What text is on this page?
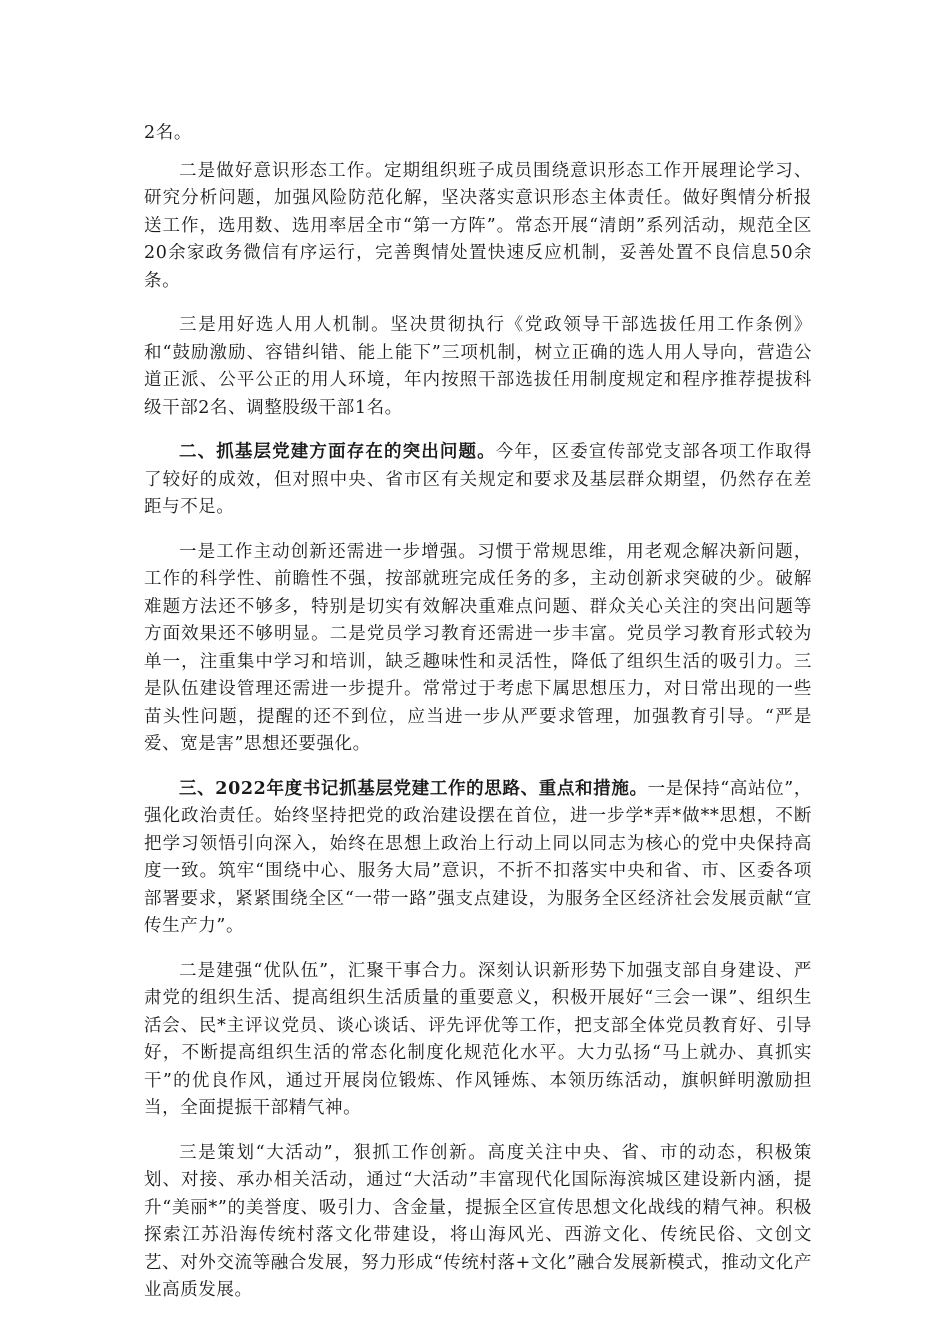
2名。

二是做好意识形态工作。定期组织班子成员围绕意识形态工作开展理论学习、研究分析问题，加强风险防范化解，坚决落实意识形态主体责任。做好舆情分析报送工作，选用数、选用率居全市“第一方阵”。常态开展“清朗”系列活动，规范全区20余家政务微信有序运行，完善舆情处置快速反应机制，妥善处置不良信息50余条。

三是用好选人用人机制。坚决贯彻执行《党政领导干部选拔任用工作条例》和“鼓励激励、容错纠错、能上能下”三项机制，树立正确的选人用人导向，营造公道正派、公平公正的用人环境，年内按照干部选拔任用制度规定和程序推荐提拔科级干部2名、调整股级干部1名。

二、抓基层党建方面存在的突出问题。今年，区委宣传部党支部各项工作取得了较好的成效，但对照中央、省市区有关规定和要求及基层群众期望，仍然存在差距与不足。

一是工作主动创新还需进一步增强。习惯于常规思维，用老观念解决新问题，工作的科学性、前瞻性不强，按部就班完成任务的多，主动创新求突破的少。破解难题方法还不够多，特别是切实有效解决重难点问题、群众关心关注的突出问题等方面效果还不够明显。二是党员学习教育还需进一步丰富。党员学习教育形式较为单一，注重集中学习和培训，缺乏趣味性和灵活性，降低了组织生活的吸引力。三是队伍建设管理还需进一步提升。常常过于考虑下属思想压力，对日常出现的一些苗头性问题，提醒的还不到位，应当进一步从严要求管理，加强教育引导。“严是爱、宽是害”思想还要强化。

三、2022年度书记抓基层党建工作的思路、重点和措施。一是保持“高站位”，强化政治责任。始终坚持把党的政治建设摆在首位，进一步学*弄*做**思想，不断把学习领悟引向深入，始终在思想上政治上行动上同以同志为核心的党中央保持高度一致。筑牢“围绕中心、服务大局”意识，不折不扣落实中央和省、市、区委各项部署要求，紧紧围绕全区“一带一路”强支点建设，为服务全区经济社会发展贡献“宣传生产力”。

二是建强“优队伍”，汇聚干事合力。深刻认识新形势下加强支部自身建设、严肃党的组织生活、提高组织生活质量的重要意义，积极开展好“三会一课”、组织生活会、民*主评议党员、谈心谈话、评先评优等工作，把支部全体党员教育好、引导好，不断提高组织生活的常态化制度化规范化水平。大力弘扬“马上就办、真抓实干”的优良作风，通过开展岗位锻炼、作风锤炼、本领历练活动，旗帜鲜明激励担当，全面提振干部精气神。

三是策划“大活动”，狠抓工作创新。高度关注中央、省、市的动态，积极策划、对接、承办相关活动，通过“大活动”丰富现代化国际海滨城区建设新内涵，提升“美丽*”的美誉度、吸引力、含金量，提振全区宣传思想文化战线的精气神。积极探索江苏沿海传统村落文化带建设，将山海风光、西游文化、传统民俗、文创文艺、对外交流等融合发展，努力形成“传统村落+文化”融合发展新模式，推动文化产业高质发展。
